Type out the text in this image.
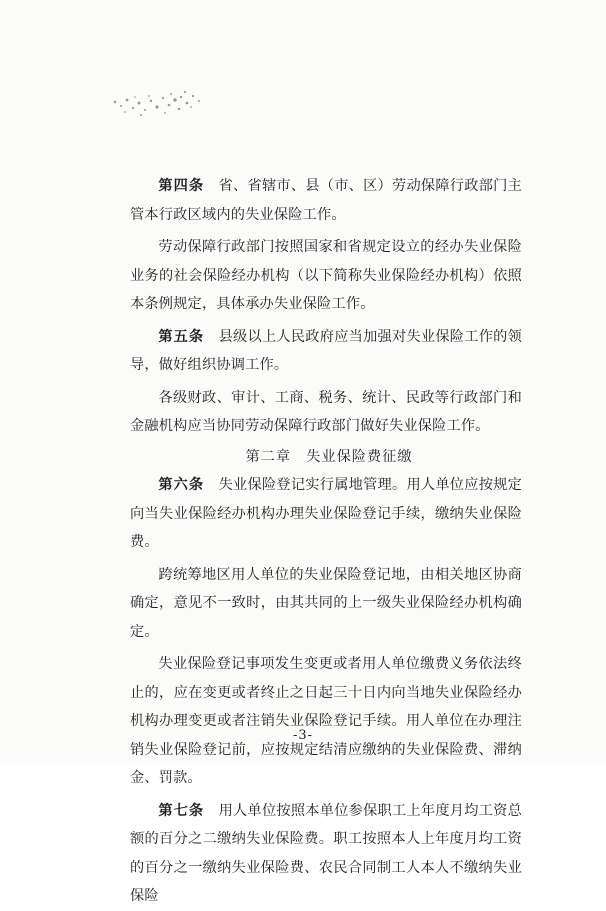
第四条　省、省辖市、县（市、区）劳动保障行政部门主管本行政区域内的失业保险工作。

劳动保障行政部门按照国家和省规定设立的经办失业保险业务的社会保险经办机构（以下简称失业保险经办机构）依照本条例规定，具体承办失业保险工作。

第五条　县级以上人民政府应当加强对失业保险工作的领导，做好组织协调工作。

各级财政、审计、工商、税务、统计、民政等行政部门和金融机构应当协同劳动保障行政部门做好失业保险工作。

第二章　失业保险费征缴

第六条　失业保险登记实行属地管理。用人单位应按规定向当失业保险经办机构办理失业保险登记手续，缴纳失业保险费。

跨统筹地区用人单位的失业保险登记地，由相关地区协商确定，意见不一致时，由其共同的上一级失业保险经办机构确定。

失业保险登记事项发生变更或者用人单位缴费义务依法终止的，应在变更或者终止之日起三十日内向当地失业保险经办机构办理变更或者注销失业保险登记手续。用人单位在办理注销失业保险登记前，应按规定结清应缴纳的失业保险费、滞纳金、罚款。

第七条　用人单位按照本单位参保职工上年度月均工资总额的百分之二缴纳失业保险费。职工按照本人上年度月均工资的百分之一缴纳失业保险费、农民合同制工人本人不缴纳失业保险

-3-
